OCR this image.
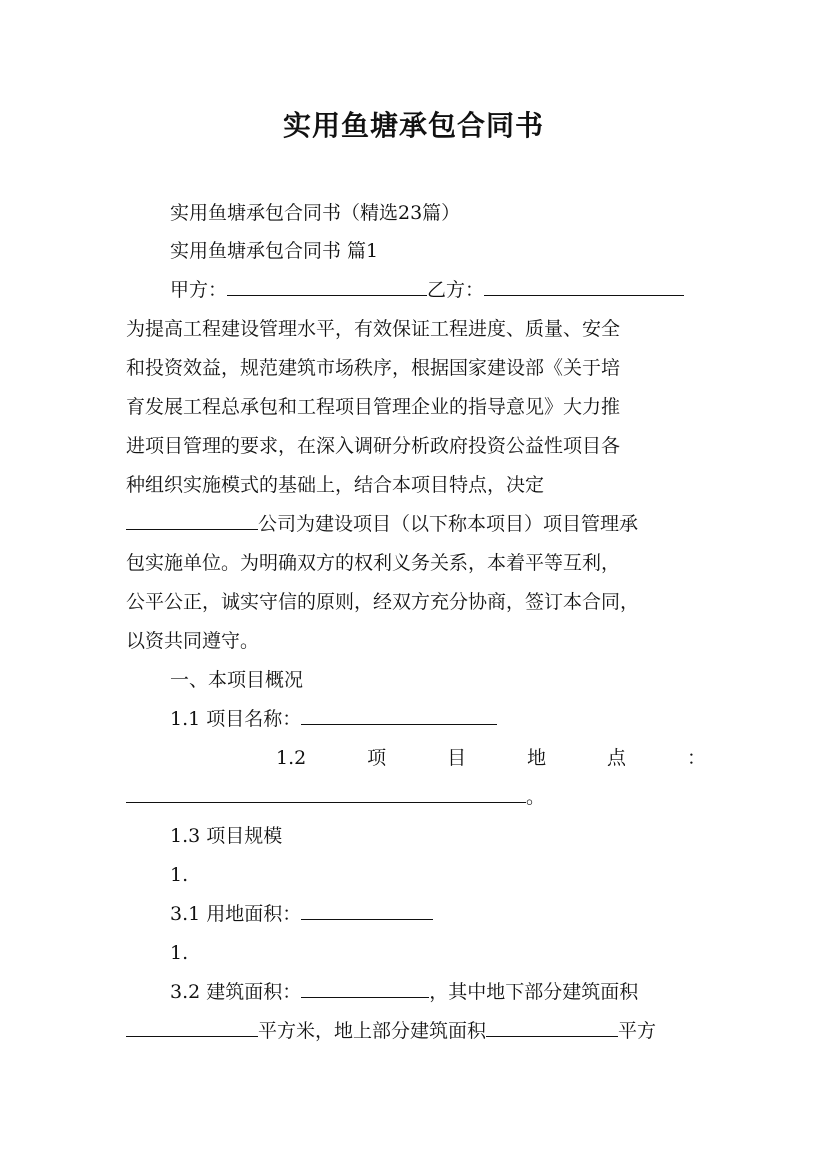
实用鱼塘承包合同书
实用鱼塘承包合同书（精选23篇）
实用鱼塘承包合同书 篇1
甲方：	乙方：
为提高工程建设管理水平，有效保证工程进度、质量、安全
和投资效益，规范建筑市场秩序，根据国家建设部《关于培
育发展工程总承包和工程项目管理企业的指导意见》大力推
进项目管理的要求，在深入调研分析政府投资公益性项目各
种组织实施模式的基础上，结合本项目特点，决定
公司为建设项目（以下称本项目）项目管理承
包实施单位。为明确双方的权利义务关系，本着平等互利，
公平公正，诚实守信的原则，经双方充分协商，签订本合同，
以资共同遵守。
一、本项目概况
1.1 项目名称：
1.2	项	目	地	点	：
。
1.3 项目规模
1.
3.1 用地面积：
1.
3.2 建筑面积：	，其中地下部分建筑面积
平方米，地上部分建筑面积	平方
